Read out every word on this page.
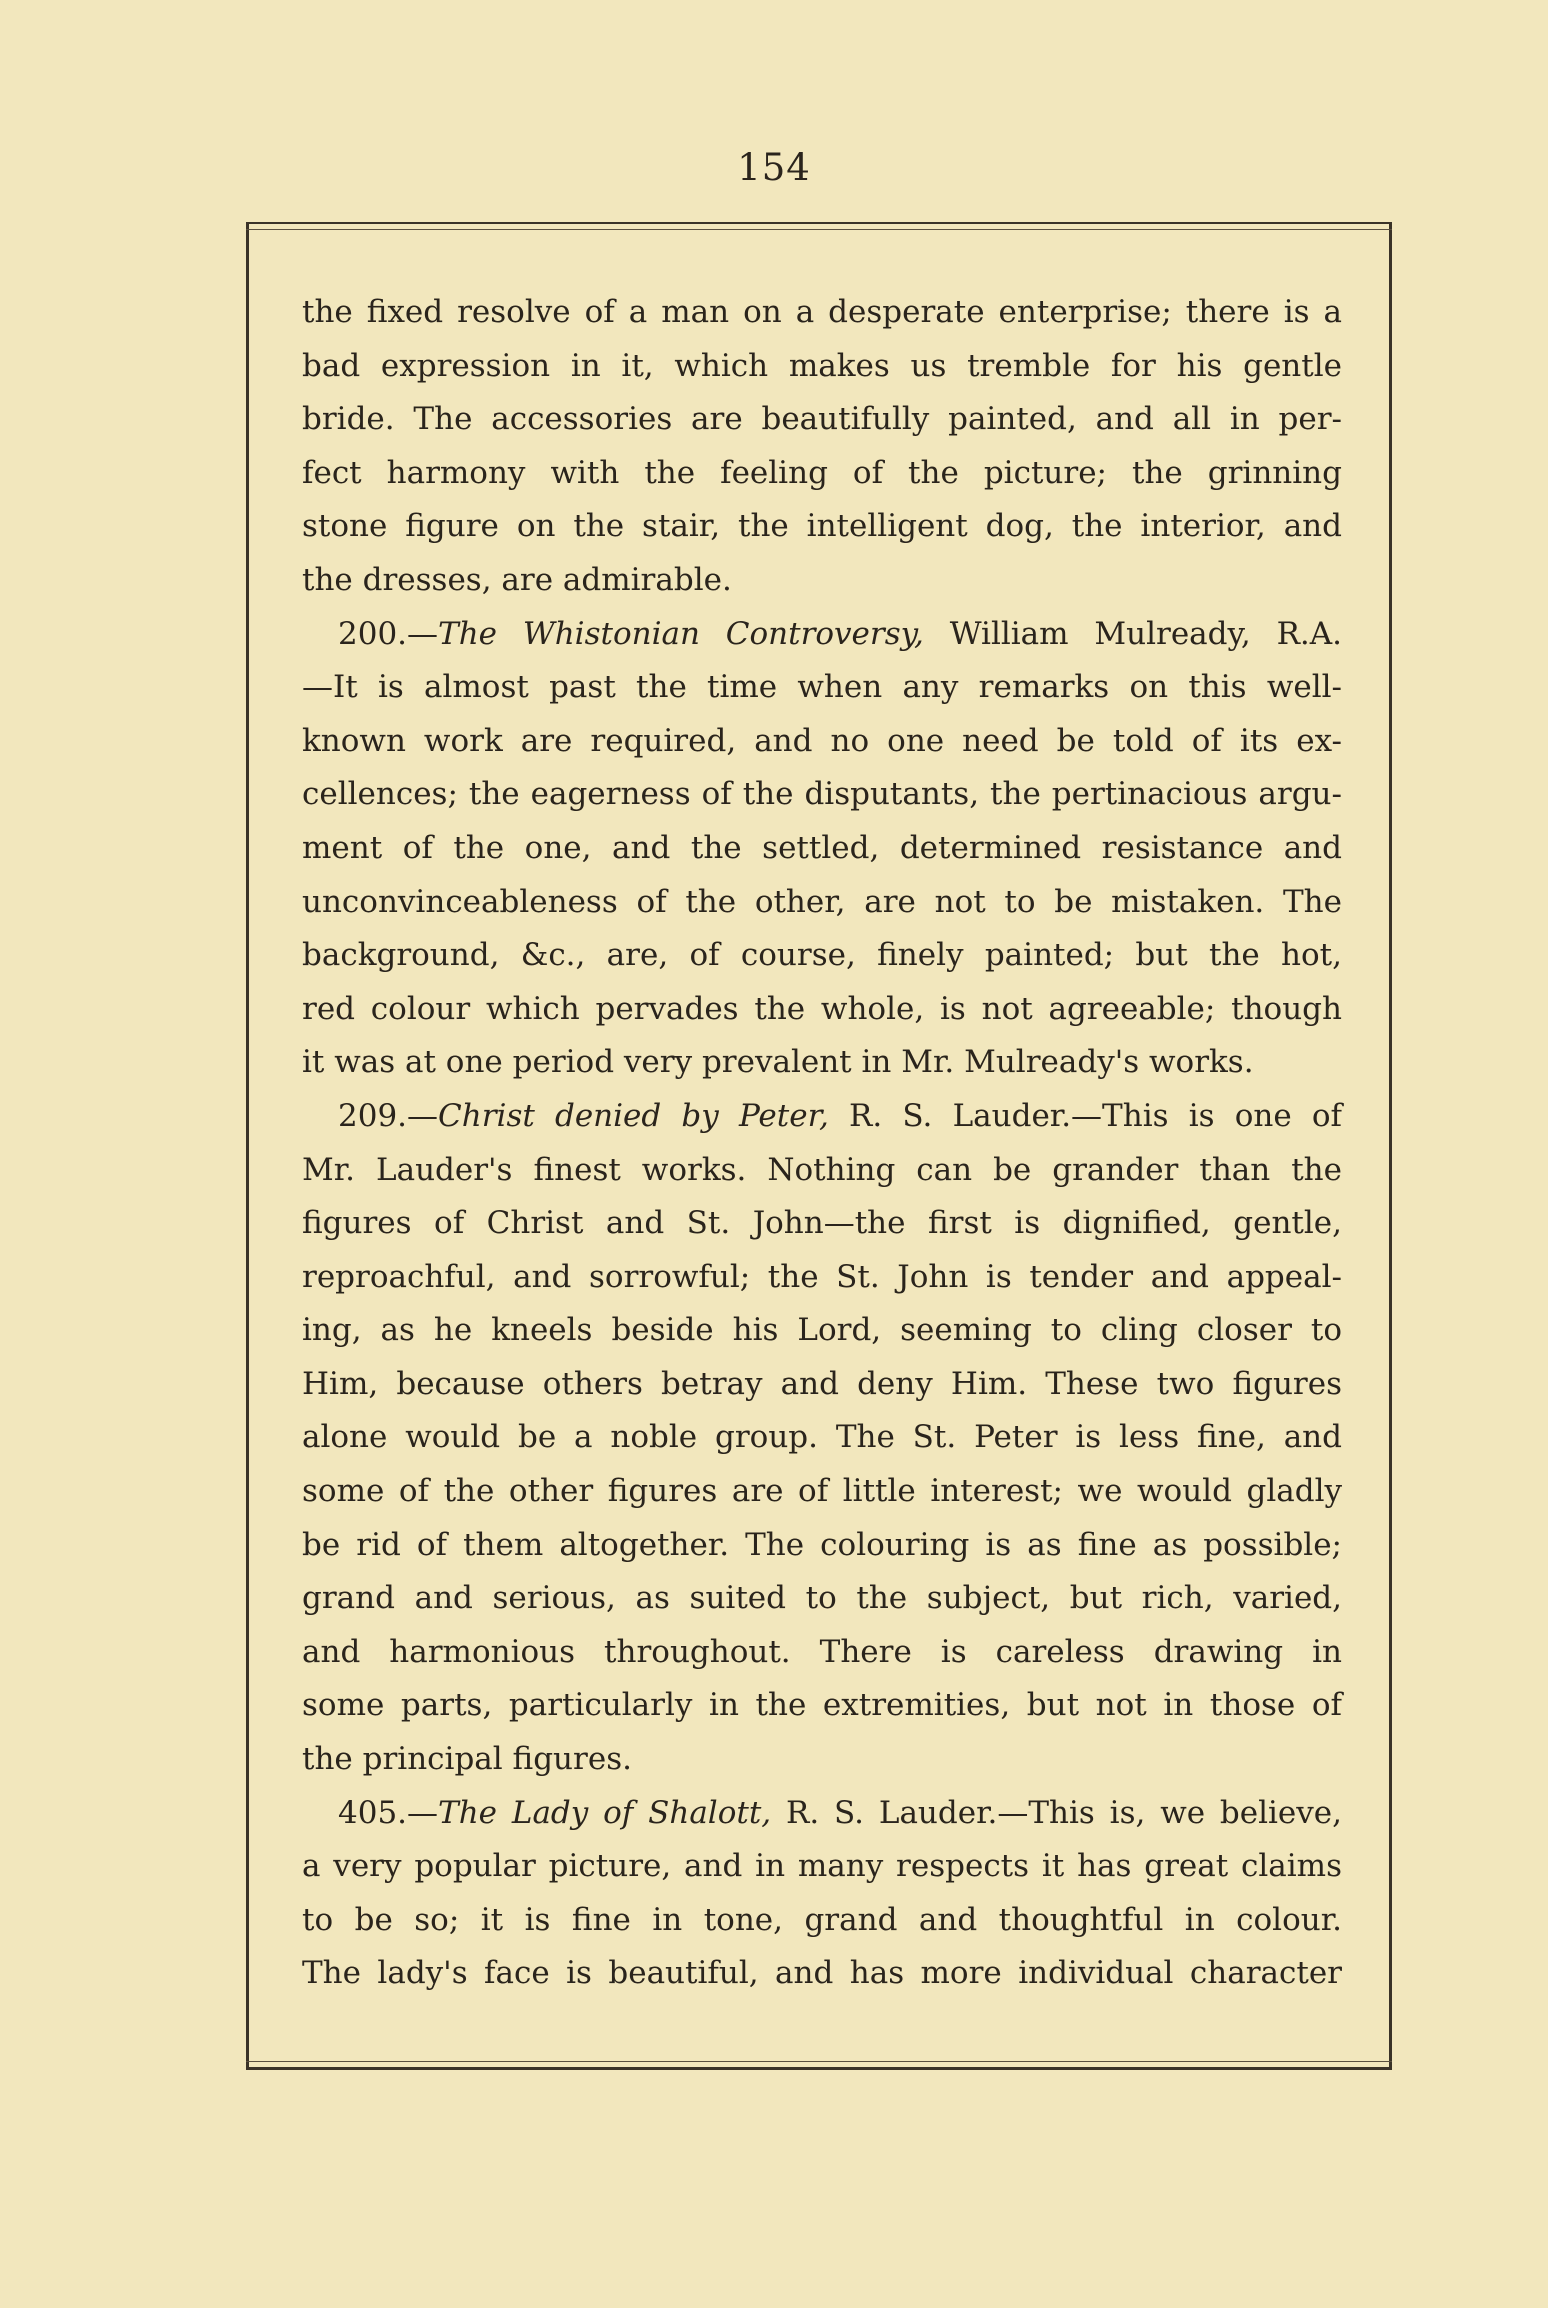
154
the fixed resolve of a man on a desperate enterprise; there is a
bad expression in it, which makes us tremble for his gentle
bride. The accessories are beautifully painted, and all in per-
fect harmony with the feeling of the picture; the grinning
stone figure on the stair, the intelligent dog, the interior, and
the dresses, are admirable.
200.—The Whistonian Controversy, William Mulready, R.A.
—It is almost past the time when any remarks on this well-
known work are required, and no one need be told of its ex-
cellences; the eagerness of the disputants, the pertinacious argu-
ment of the one, and the settled, determined resistance and
unconvinceableness of the other, are not to be mistaken. The
background, &c., are, of course, finely painted; but the hot,
red colour which pervades the whole, is not agreeable; though
it was at one period very prevalent in Mr. Mulready's works.
209.—Christ denied by Peter, R. S. Lauder.—This is one of
Mr. Lauder's finest works. Nothing can be grander than the
figures of Christ and St. John—the first is dignified, gentle,
reproachful, and sorrowful; the St. John is tender and appeal-
ing, as he kneels beside his Lord, seeming to cling closer to
Him, because others betray and deny Him. These two figures
alone would be a noble group. The St. Peter is less fine, and
some of the other figures are of little interest; we would gladly
be rid of them altogether. The colouring is as fine as possible;
grand and serious, as suited to the subject, but rich, varied,
and harmonious throughout. There is careless drawing in
some parts, particularly in the extremities, but not in those of
the principal figures.
405.—The Lady of Shalott, R. S. Lauder.—This is, we believe,
a very popular picture, and in many respects it has great claims
to be so; it is fine in tone, grand and thoughtful in colour.
The lady's face is beautiful, and has more individual character
